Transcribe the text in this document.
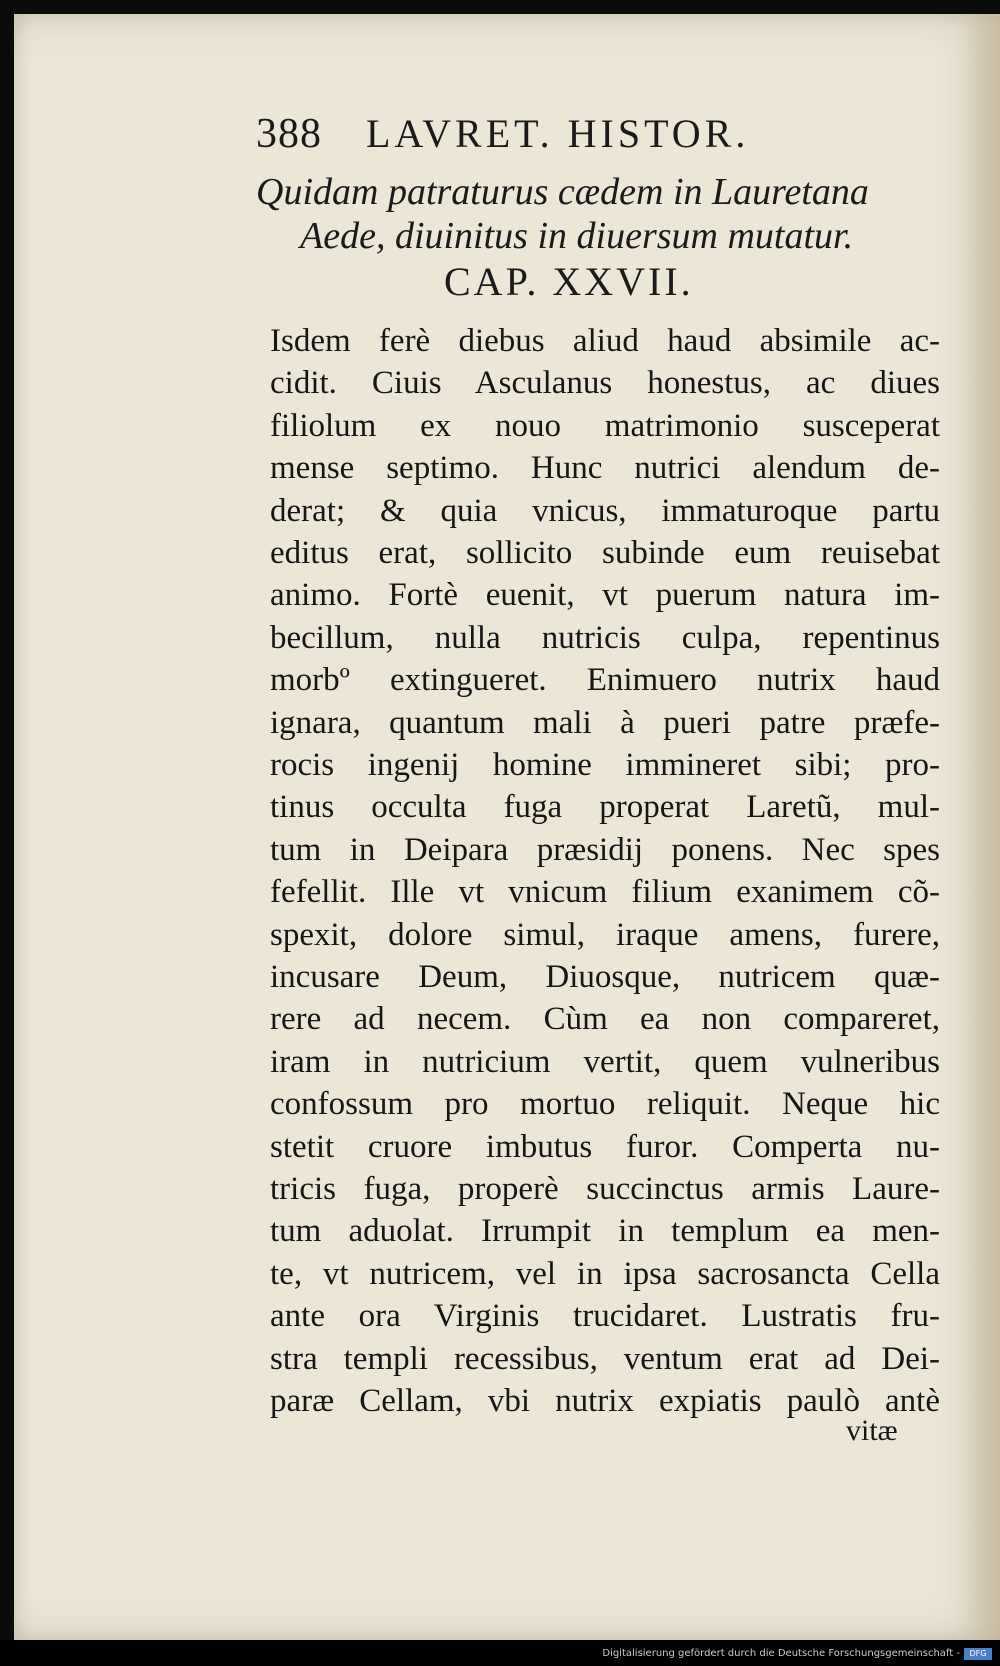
388 LAVRET. HISTOR.
Quidam patraturus cædem in Lauretana
Aede, diuinitus in diuersum mutatur.
CAP. XXVII.
Isdem ferè diebus aliud haud absimile ac-
cidit. Ciuis Asculanus honestus, ac diues
filiolum ex nouo matrimonio susceperat
mense septimo. Hunc nutrici alendum de-
derat; & quia vnicus, immaturoque partu
editus erat, sollicito subinde eum reuisebat
animo. Fortè euenit, vt puerum natura im-
becillum, nulla nutricis culpa, repentinus
morbº extingueret. Enimuero nutrix haud
ignara, quantum mali à pueri patre præfe-
rocis ingenij homine immineret sibi; pro-
tinus occulta fuga properat Laretũ, mul-
tum in Deipara præsidij ponens. Nec spes
fefellit. Ille vt vnicum filium exanimem cõ-
spexit, dolore simul, iraque amens, furere,
incusare Deum, Diuosque, nutricem quæ-
rere ad necem. Cùm ea non compareret,
iram in nutricium vertit, quem vulneribus
confossum pro mortuo reliquit. Neque hic
stetit cruore imbutus furor. Comperta nu-
tricis fuga, properè succinctus armis Laure-
tum aduolat. Irrumpit in templum ea men-
te, vt nutricem, vel in ipsa sacrosancta Cella
ante ora Virginis trucidaret. Lustratis fru-
stra templi recessibus, ventum erat ad Dei-
paræ Cellam, vbi nutrix expiatis paulò antè
vitæ
Digitalisierung gefördert durch die Deutsche Forschungsgemeinschaft -	DFG
